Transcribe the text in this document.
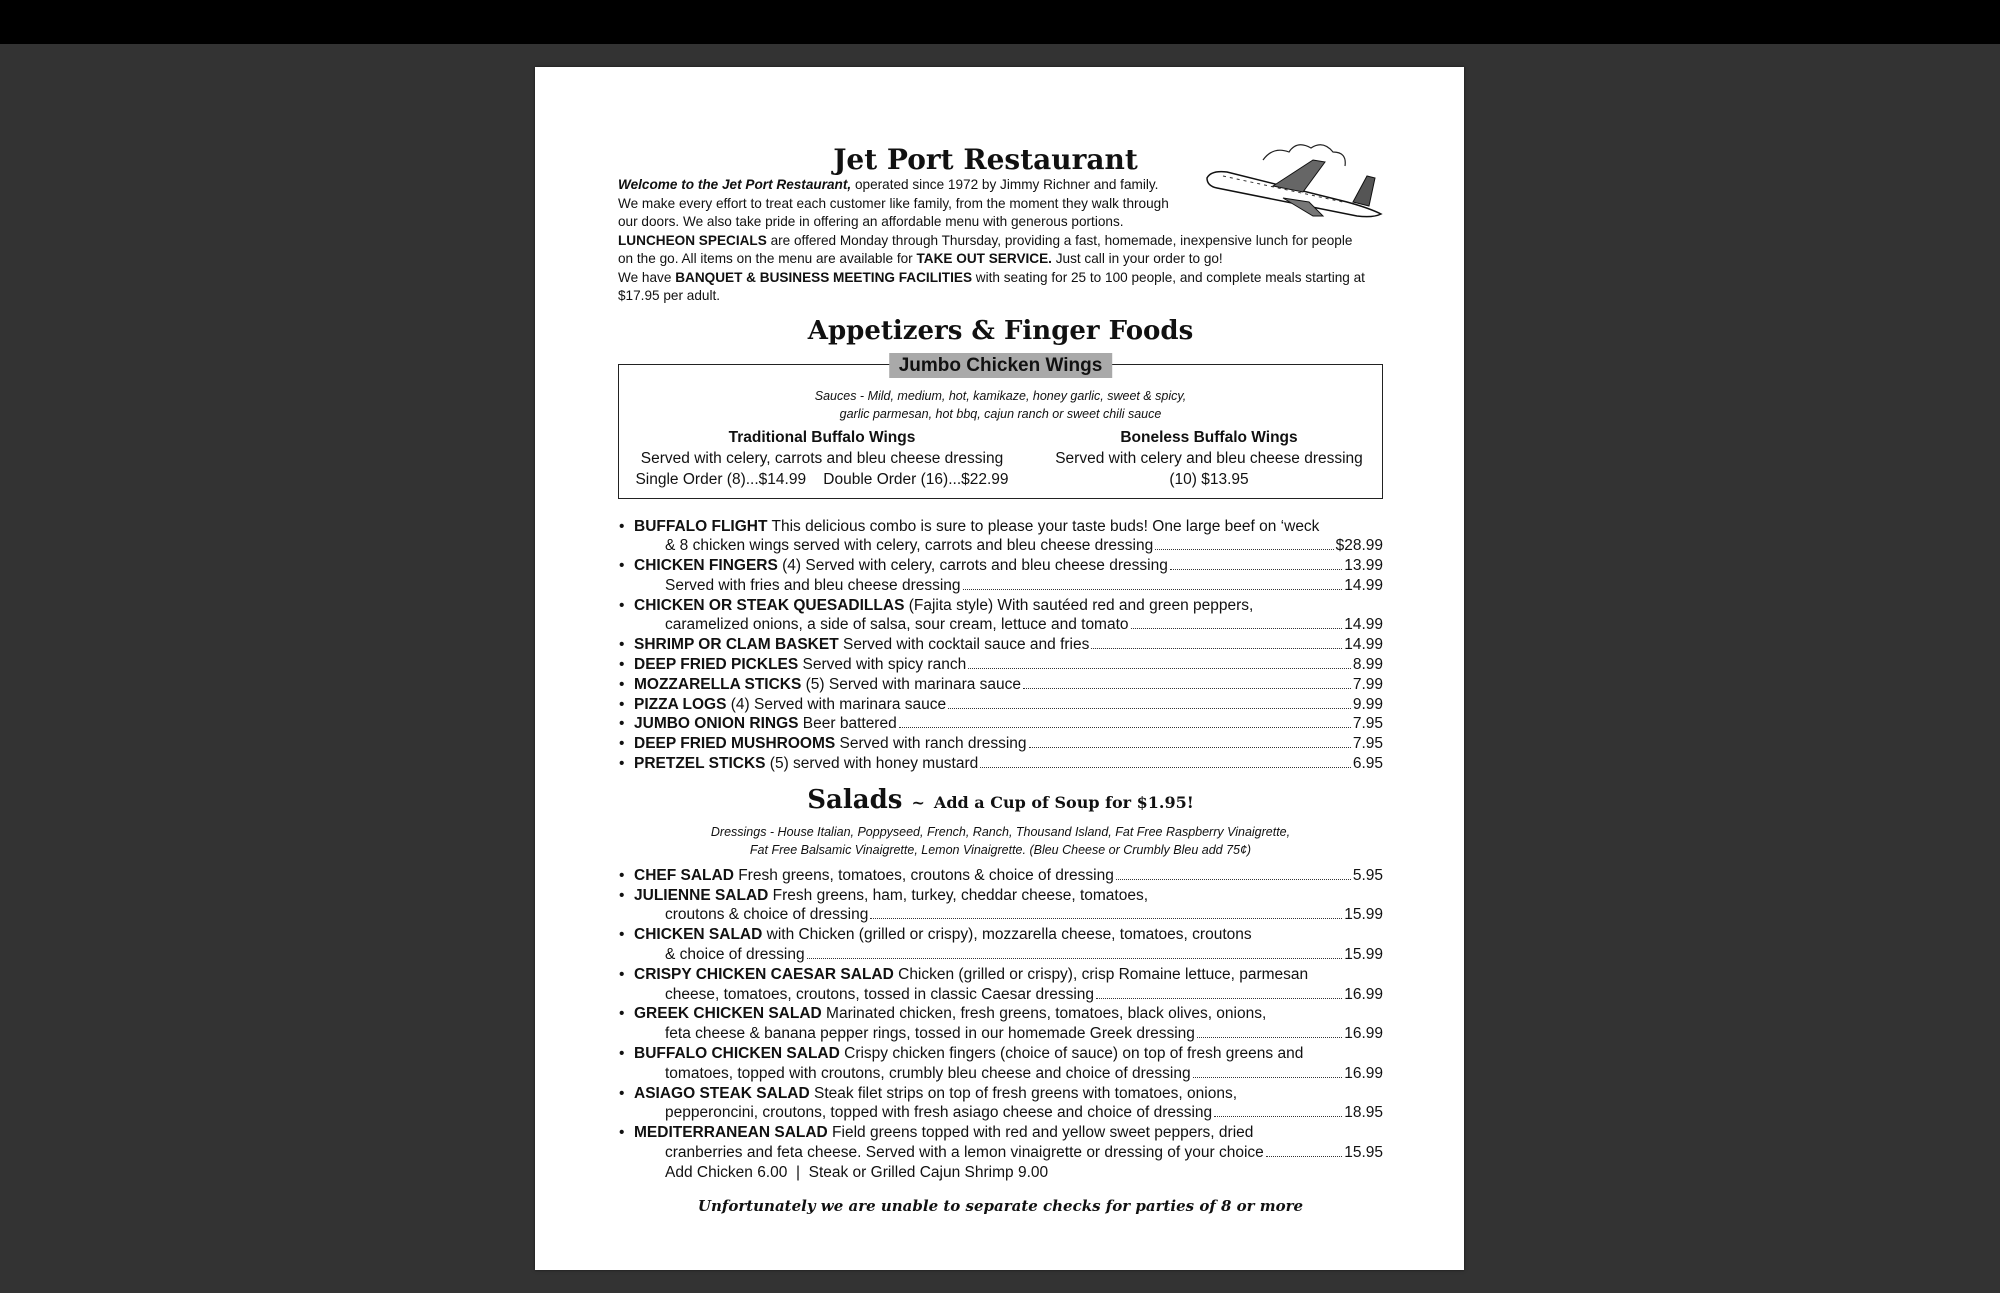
Jet Port Restaurant

Welcome to the Jet Port Restaurant, operated since 1972 by Jimmy Richner and family.
We make every effort to treat each customer like family, from the moment they walk through
our doors. We also take pride in offering an affordable menu with generous portions.
LUNCHEON SPECIALS are offered Monday through Thursday, providing a fast, homemade, inexpensive lunch for people
on the go. All items on the menu are available for TAKE OUT SERVICE. Just call in your order to go!
We have BANQUET & BUSINESS MEETING FACILITIES with seating for 25 to 100 people, and complete meals starting at
$17.95 per adult.

Appetizers & Finger Foods
Jumbo Chicken Wings
Sauces - Mild, medium, hot, kamikaze, honey garlic, sweet & spicy,
garlic parmesan, hot bbq, cajun ranch or sweet chili sauce
Traditional Buffalo Wings
Served with celery, carrots and bleu cheese dressing
Single Order (8)...$14.99    Double Order (16)...$22.99
Boneless Buffalo Wings
Served with celery and bleu cheese dressing
(10) $13.95
• BUFFALO FLIGHT This delicious combo is sure to please your taste buds! One large beef on ‘weck
& 8 chicken wings served with celery, carrots and bleu cheese dressing	$28.99
• CHICKEN FINGERS (4) Served with celery, carrots and bleu cheese dressing	13.99
Served with fries and bleu cheese dressing	14.99
• CHICKEN OR STEAK QUESADILLAS (Fajita style) With sautéed red and green peppers,
caramelized onions, a side of salsa, sour cream, lettuce and tomato	14.99
• SHRIMP OR CLAM BASKET Served with cocktail sauce and fries	14.99
• DEEP FRIED PICKLES Served with spicy ranch	8.99
• MOZZARELLA STICKS (5) Served with marinara sauce	7.99
• PIZZA LOGS (4) Served with marinara sauce	9.99
• JUMBO ONION RINGS Beer battered	7.95
• DEEP FRIED MUSHROOMS Served with ranch dressing	7.95
• PRETZEL STICKS (5) served with honey mustard	6.95
Salads ~ Add a Cup of Soup for $1.95!
Dressings - House Italian, Poppyseed, French, Ranch, Thousand Island, Fat Free Raspberry Vinaigrette,
Fat Free Balsamic Vinaigrette, Lemon Vinaigrette. (Bleu Cheese or Crumbly Bleu add 75¢)
• CHEF SALAD Fresh greens, tomatoes, croutons & choice of dressing	5.95
• JULIENNE SALAD Fresh greens, ham, turkey, cheddar cheese, tomatoes,
croutons & choice of dressing	15.99
• CHICKEN SALAD with Chicken (grilled or crispy), mozzarella cheese, tomatoes, croutons
& choice of dressing	15.99
• CRISPY CHICKEN CAESAR SALAD Chicken (grilled or crispy), crisp Romaine lettuce, parmesan
cheese, tomatoes, croutons, tossed in classic Caesar dressing	16.99
• GREEK CHICKEN SALAD Marinated chicken, fresh greens, tomatoes, black olives, onions,
feta cheese & banana pepper rings, tossed in our homemade Greek dressing	16.99
• BUFFALO CHICKEN SALAD Crispy chicken fingers (choice of sauce) on top of fresh greens and
tomatoes, topped with croutons, crumbly bleu cheese and choice of dressing	16.99
• ASIAGO STEAK SALAD Steak filet strips on top of fresh greens with tomatoes, onions,
pepperoncini, croutons, topped with fresh asiago cheese and choice of dressing	18.95
• MEDITERRANEAN SALAD Field greens topped with red and yellow sweet peppers, dried
cranberries and feta cheese. Served with a lemon vinaigrette or dressing of your choice	15.95
Add Chicken 6.00  |  Steak or Grilled Cajun Shrimp 9.00
Unfortunately we are unable to separate checks for parties of 8 or more
